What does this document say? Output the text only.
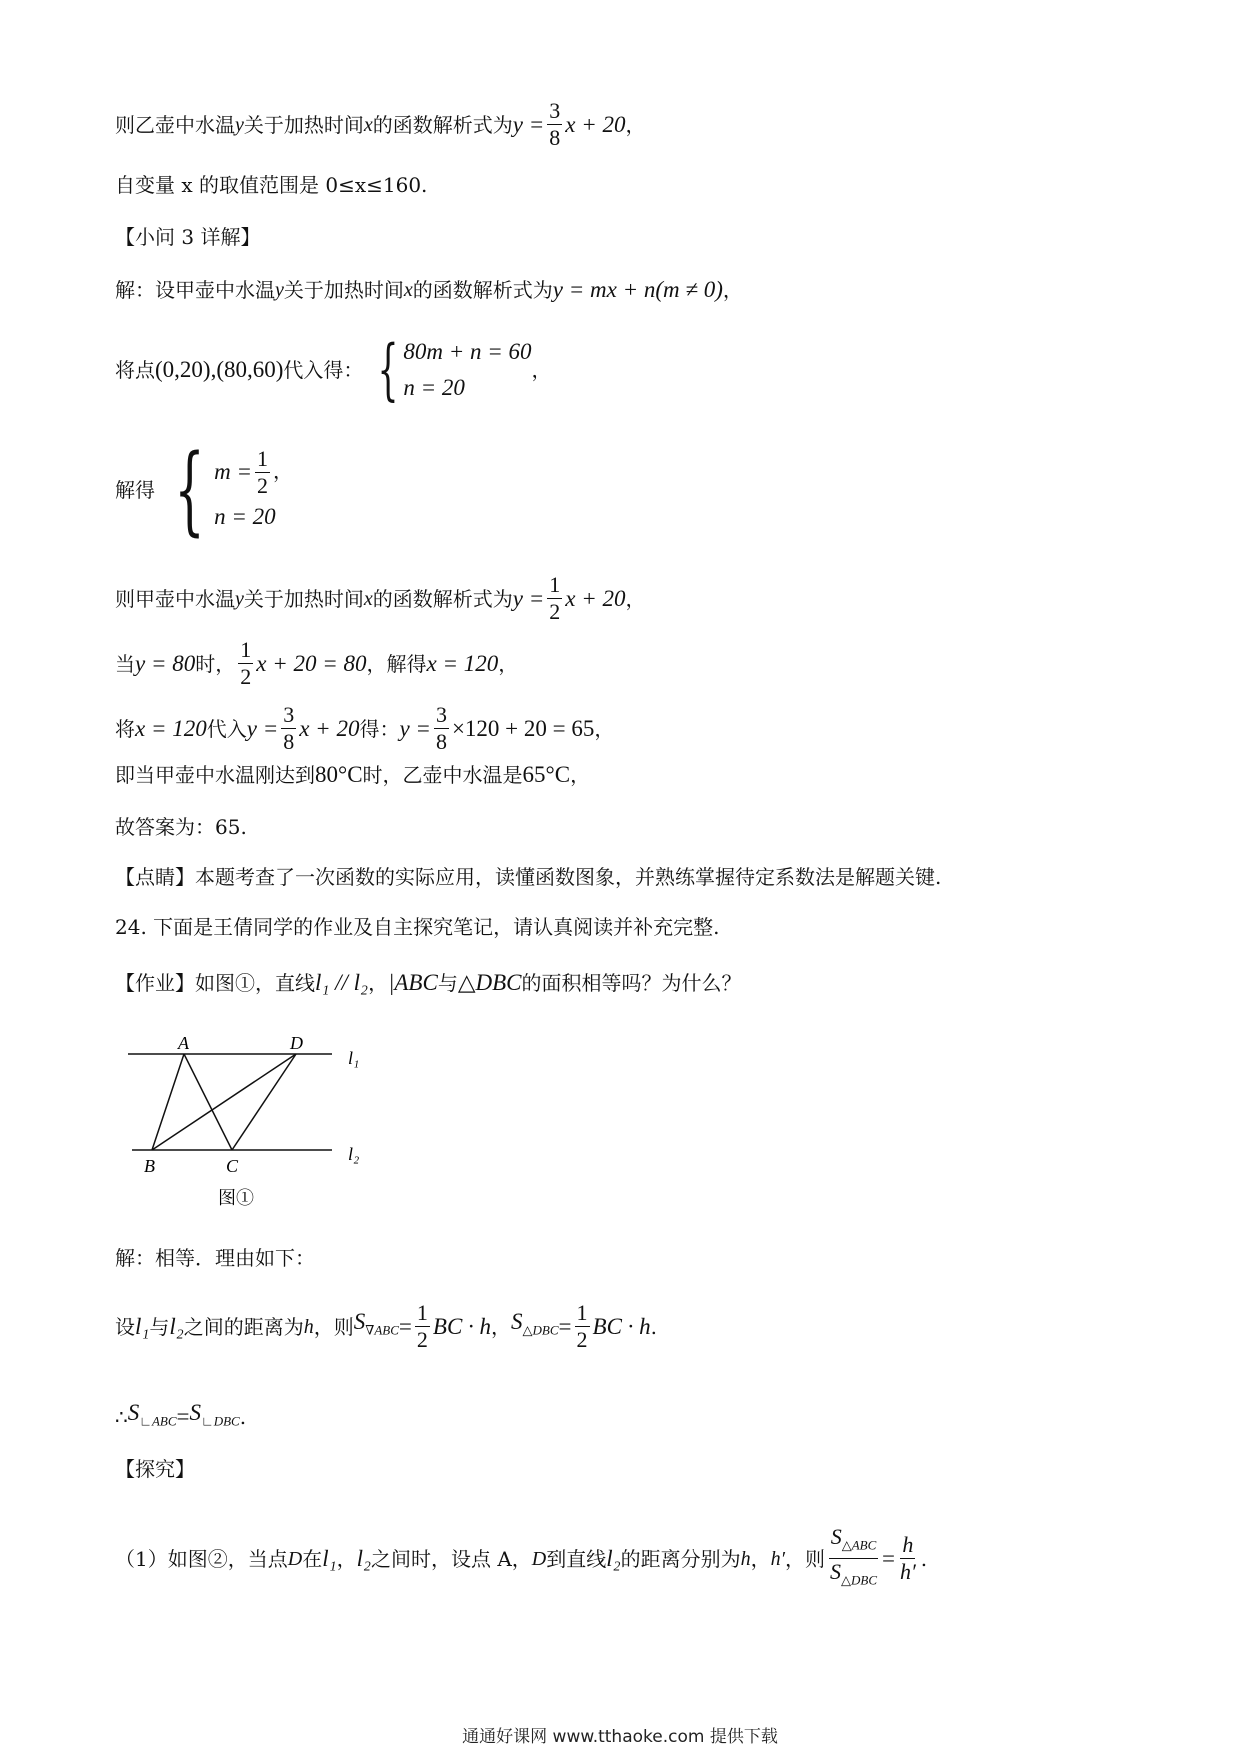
则乙壶中水温 y 关于加热时间 x 的函数解析式为 $y = \frac{3}{8}$ x + 20 ，
自变量 x 的取值范围是 0≤x≤160.
【小问 3 详解】
解：设甲壶中水温 y 关于加热时间 x 的函数解析式为 y = mx + n(m ≠ 0) ，
将点 (0,20),(80,60) 代入得： { 80m + n = 60
n = 20
，
解得 { $m = \frac{1}{2}$ ，
n = 20
则甲壶中水温 y 关于加热时间 x 的函数解析式为 $y = \frac{1}{2}$ x + 20 ，
当 y = 80 时， $\frac{1}{2}$ x + 20 = 80 ，解得 x = 120 ，
将 x = 120 代入 $y = \frac{3}{8}$ x + 20 得： $y = \frac{3}{8} \times 120 + 20 = 65$ ，
即当甲壶中水温刚达到 80°C 时，乙壶中水温是 65°C ，
故答案为：65.
【点睛】本题考查了一次函数的实际应用，读懂函数图象，并熟练掌握待定系数法是解题关键.
24. 下面是王倩同学的作业及自主探究笔记，请认真阅读并补充完整.
【作业】如图①，直线 l₁ // l₂ ， |ABC 与 △DBC 的面积相等吗？为什么？
A	D
B	C
l₁
l₂
图①
解：相等．理由如下：
设 l₁ 与 l₂ 之间的距离为 h ，则 $S_{\nabla ABC} = \frac{1}{2}$ BC · h ， $S_{\triangle DBC} = \frac{1}{2}$ BC · h .
∴ $S_{∟ABC} = S_{∟DBC}$ .
【探究】
（1）如图②，当点 D 在 l₁ ， l₂ 之间时，设点 A， D 到直线 l₂ 的距离分别为 h ， h′ ，则 $\frac{S_{\triangle ABC}}{S_{\triangle DBC}} = \frac{h}{h'}$ .
通通好课网 www.tthaoke.com 提供下载
